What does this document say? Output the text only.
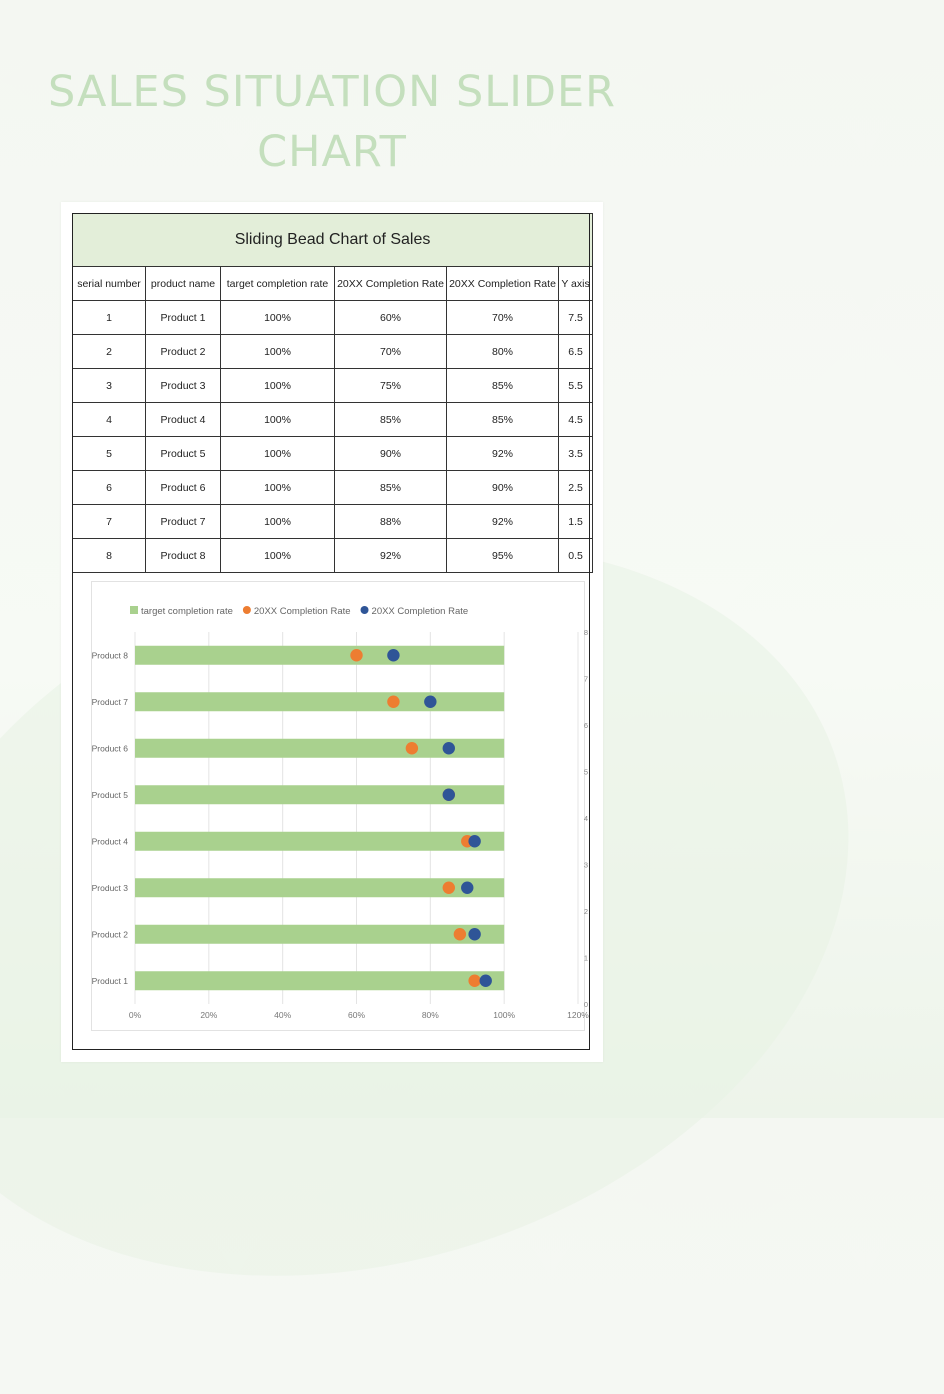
SALES SITUATION SLIDER CHART
Sliding Bead Chart of Sales					
serial number	product name	target completion rate	20XX Completion Rate	20XX Completion Rate	Y axis
1	Product 1	100%	60%	70%	7.5
2	Product 2	100%	70%	80%	6.5
3	Product 3	100%	75%	85%	5.5
4	Product 4	100%	85%	85%	4.5
5	Product 5	100%	90%	92%	3.5
6	Product 6	100%	85%	90%	2.5
7	Product 7	100%	88%	92%	1.5
8	Product 8	100%	92%	95%	0.5
0%	20%	40%	60%	80%	100%	120%
0
1
2
3
4
5
6
7
8
Product 8
Product 7
Product 6
Product 5
Product 4
Product 3
Product 2
Product 1
target completion rate 20XX Completion Rate 20XX Completion Rate
